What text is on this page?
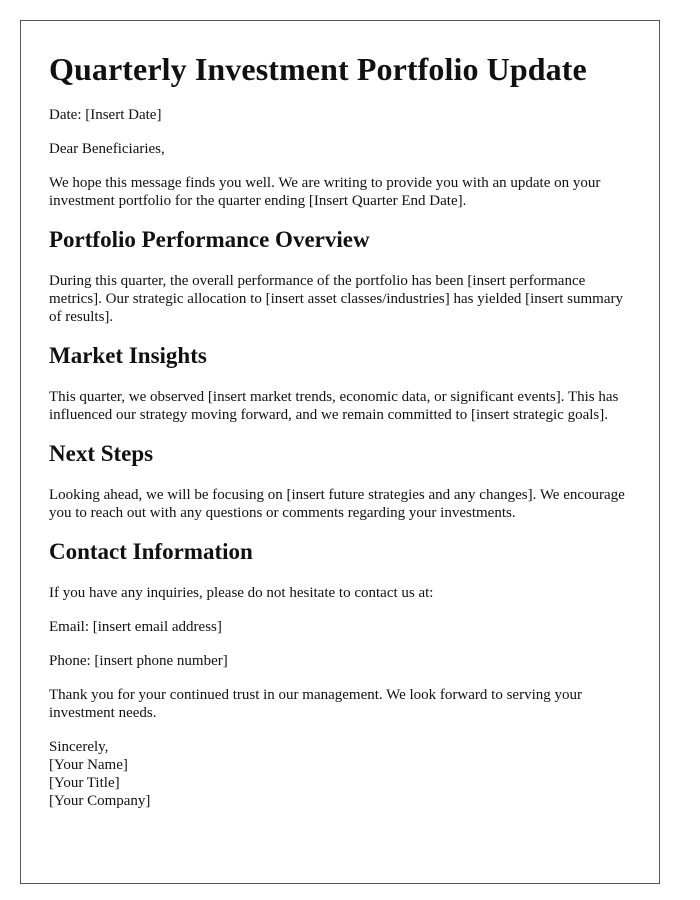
Quarterly Investment Portfolio Update

Date: [Insert Date]

Dear Beneficiaries,

We hope this message finds you well. We are writing to provide you with an update on your investment portfolio for the quarter ending [Insert Quarter End Date].

Portfolio Performance Overview

During this quarter, the overall performance of the portfolio has been [insert performance metrics]. Our strategic allocation to [insert asset classes/industries] has yielded [insert summary of results].

Market Insights

This quarter, we observed [insert market trends, economic data, or significant events]. This has influenced our strategy moving forward, and we remain committed to [insert strategic goals].

Next Steps

Looking ahead, we will be focusing on [insert future strategies and any changes]. We encourage you to reach out with any questions or comments regarding your investments.

Contact Information

If you have any inquiries, please do not hesitate to contact us at:

Email: [insert email address]

Phone: [insert phone number]

Thank you for your continued trust in our management. We look forward to serving your investment needs.

Sincerely,
[Your Name]
[Your Title]
[Your Company]
